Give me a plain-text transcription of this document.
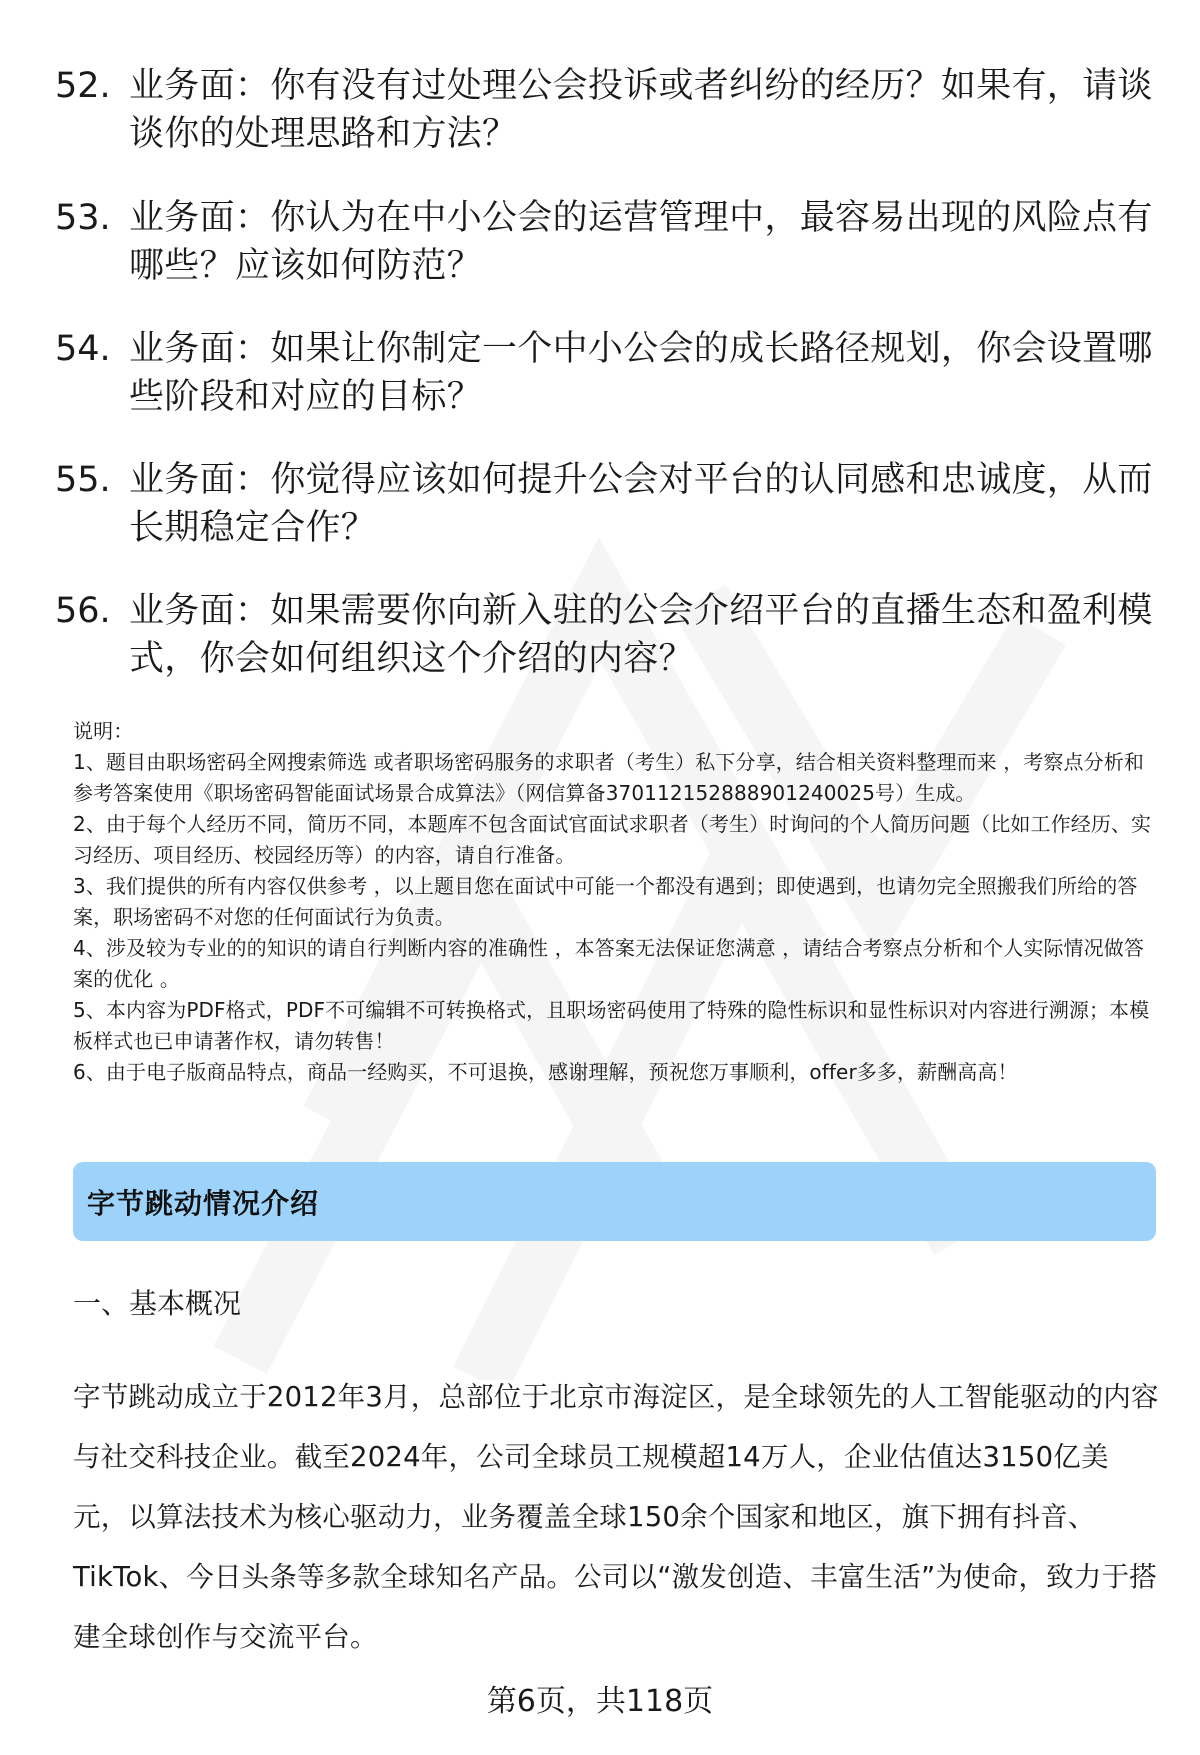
52. 业务面：你有没有过处理公会投诉或者纠纷的经历？如果有，请谈谈你的处理思路和方法？
53. 业务面：你认为在中小公会的运营管理中，最容易出现的风险点有哪些？应该如何防范？
54. 业务面：如果让你制定一个中小公会的成长路径规划，你会设置哪些阶段和对应的目标？
55. 业务面：你觉得应该如何提升公会对平台的认同感和忠诚度，从而长期稳定合作？
56. 业务面：如果需要你向新入驻的公会介绍平台的直播生态和盈利模式，你会如何组织这个介绍的内容？

说明：

1、题目由职场密码全网搜索筛选 或者职场密码服务的求职者（考生）私下分享，结合相关资料整理而来 ，考察点分析和参考答案使用《职场密码智能面试场景合成算法》（网信算备370112152888901240025号）生成。

2、由于每个人经历不同，简历不同，本题库不包含面试官面试求职者（考生）时询问的个人简历问题（比如工作经历、实习经历、项目经历、校园经历等）的内容，请自行准备。

3、我们提供的所有内容仅供参考 ，以上题目您在面试中可能一个都没有遇到；即使遇到，也请勿完全照搬我们所给的答案，职场密码不对您的任何面试行为负责。

4、涉及较为专业的的知识的请自行判断内容的准确性 ，本答案无法保证您满意 ，请结合考察点分析和个人实际情况做答案的优化 。

5、本内容为PDF格式，PDF不可编辑不可转换格式，且职场密码使用了特殊的隐性标识和显性标识对内容进行溯源；本模板样式也已申请著作权，请勿转售！

6、由于电子版商品特点，商品一经购买，不可退换，感谢理解，预祝您万事顺利，offer多多，薪酬高高！

字节跳动情况介绍
一、基本概况
字节跳动成立于2012年3月，总部位于北京市海淀区，是全球领先的人工智能驱动的内容与社交科技企业。截至2024年，公司全球员工规模超14万人，企业估值达3150亿美元，以算法技术为核心驱动力，业务覆盖全球150余个国家和地区，旗下拥有抖音、TikTok、今日头条等多款全球知名产品。公司以“激发创造、丰富生活”为使命，致力于搭建全球创作与交流平台。
第6页，共118页
